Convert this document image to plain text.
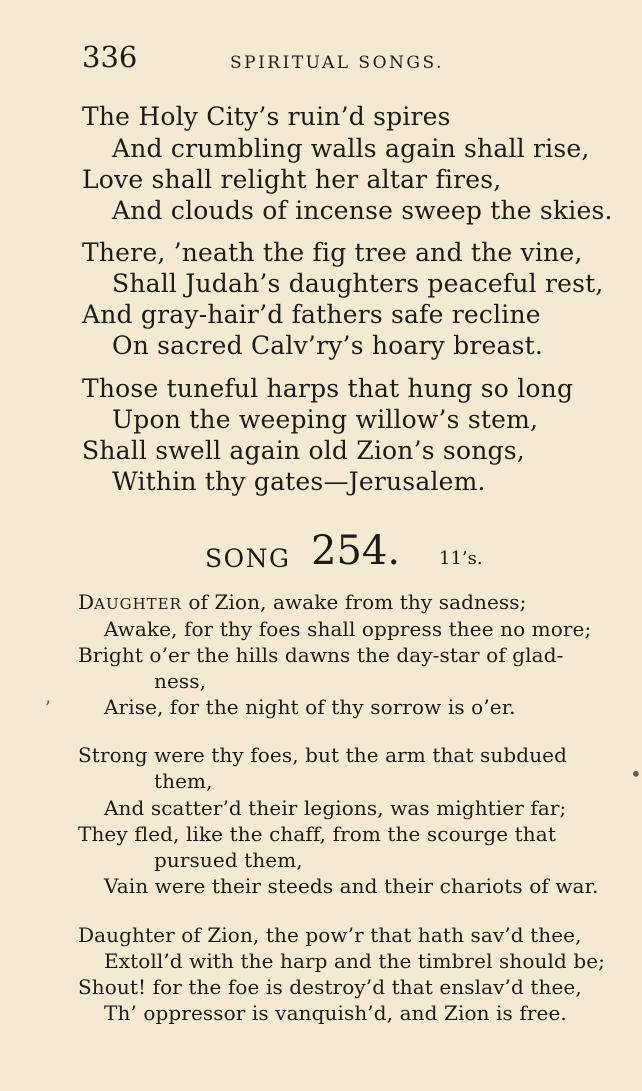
336	SPIRITUAL SONGS.
The Holy City’s ruin’d spires
And crumbling walls again shall rise,
Love shall relight her altar fires,
And clouds of incense sweep the skies.
There, ’neath the fig tree and the vine,
Shall Judah’s daughters peaceful rest,
And gray-hair’d fathers safe recline
On sacred Calv’ry’s hoary breast.
Those tuneful harps that hung so long
Upon the weeping willow’s stem,
Shall swell again old Zion’s songs,
Within thy gates—Jerusalem.
SONG 254. 11’s.
DAUGHTER of Zion, awake from thy sadness;
Awake, for thy foes shall oppress thee no more;
Bright o’er the hills dawns the day-star of glad-
ness,
Arise, for the night of thy sorrow is o’er.
ʼ
Strong were thy foes, but the arm that subdued
them,
And scatter’d their legions, was mightier far;
They fled, like the chaff, from the scourge that
pursued them,
Vain were their steeds and their chariots of war.
•
Daughter of Zion, the pow’r that hath sav’d thee,
Extoll’d with the harp and the timbrel should be;
Shout! for the foe is destroy’d that enslav’d thee,
Th’ oppressor is vanquish’d, and Zion is free.
